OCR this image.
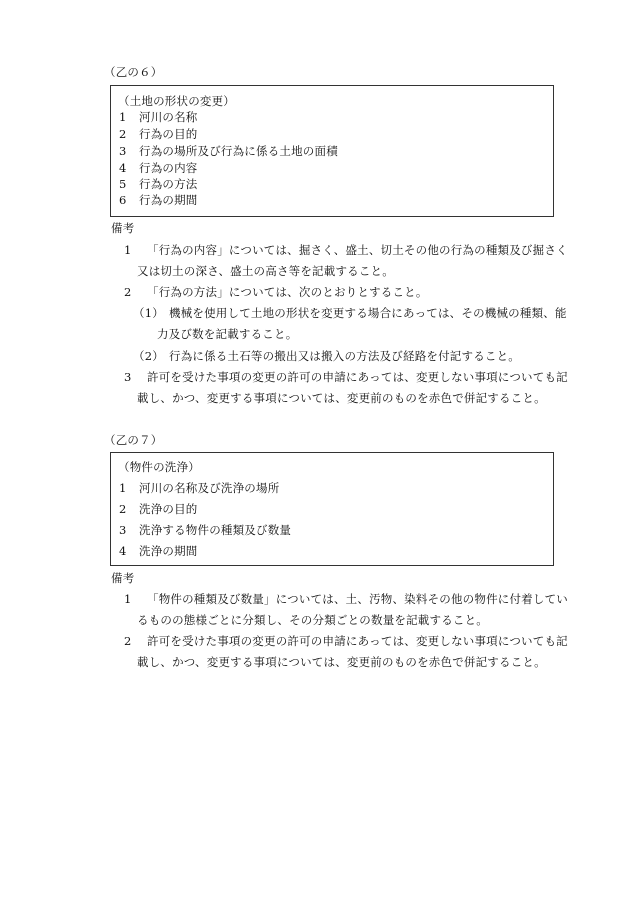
（乙の６）
（土地の形状の変更）
1 河川の名称
2 行為の目的
3 行為の場所及び行為に係る土地の面積
4 行為の内容
5 行為の方法
6 行為の期間
備考
1 「行為の内容」については、掘さく、盛土、切土その他の行為の種類及び掘さく
又は切土の深さ、盛土の高さ等を記載すること。
2 「行為の方法」については、次のとおりとすること。
（1） 機械を使用して土地の形状を変更する場合にあっては、その機械の種類、能
力及び数を記載すること。
（2） 行為に係る土石等の搬出又は搬入の方法及び経路を付記すること。
3 許可を受けた事項の変更の許可の申請にあっては、変更しない事項についても記
載し、かつ、変更する事項については、変更前のものを赤色で併記すること。
（乙の７）
（物件の洗浄）
1 河川の名称及び洗浄の場所
2 洗浄の目的
3 洗浄する物件の種類及び数量
4 洗浄の期間
備考
1 「物件の種類及び数量」については、土、汚物、染料その他の物件に付着してい
るものの態様ごとに分類し、その分類ごとの数量を記載すること。
2 許可を受けた事項の変更の許可の申請にあっては、変更しない事項についても記
載し、かつ、変更する事項については、変更前のものを赤色で併記すること。
